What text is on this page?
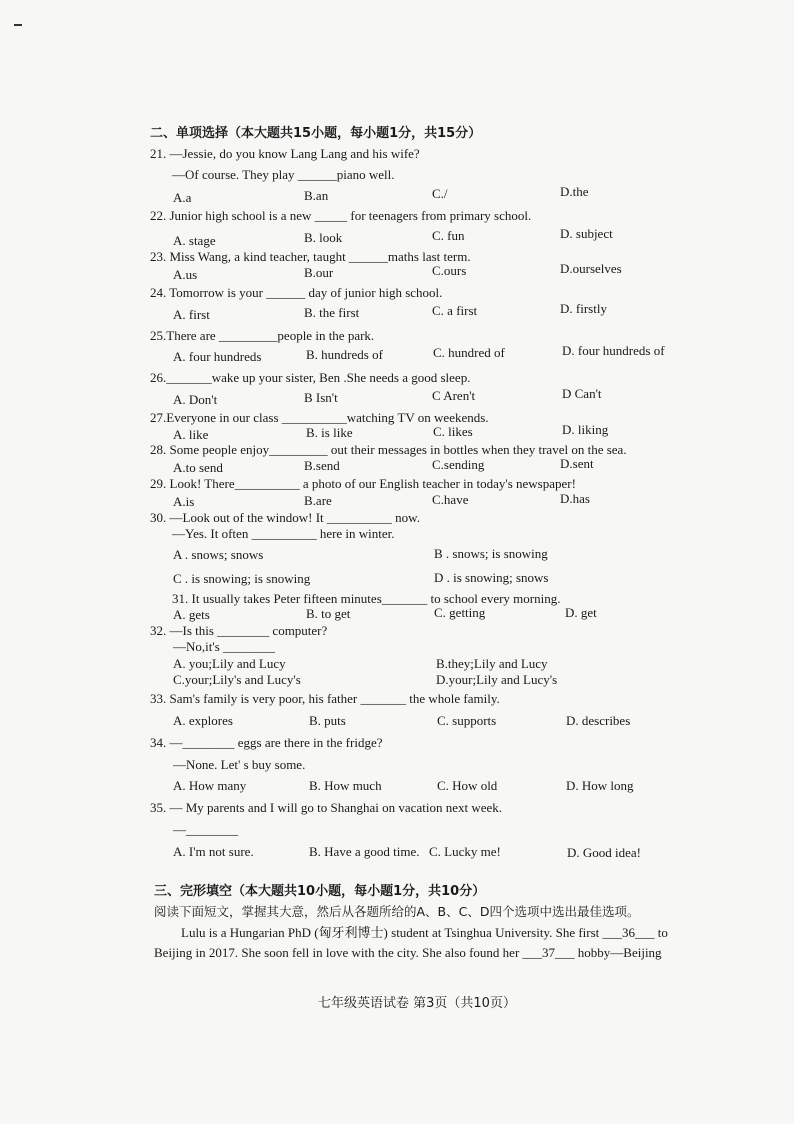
二、单项选择（本大题共15小题，每小题1分，共15分）
21. —Jessie, do you know Lang Lang and his wife?
—Of course. They play ______piano well.
A.a	B.an	C./	D.the
22. Junior high school is a new _____ for teenagers from primary school.
A. stage	B. look	C. fun	D. subject
23. Miss Wang, a kind teacher, taught ______maths last term.
A.us	B.our	C.ours	D.ourselves
24. Tomorrow is your ______ day of junior high school.
A. first	B. the first	C. a first	D. firstly
25.There are _________people in the park.
A. four hundreds	B. hundreds of	C. hundred of	D. four hundreds of
26._______wake up your sister, Ben .She needs a good sleep.
A. Don't	B Isn't	C Aren't	D Can't
27.Everyone in our class __________watching TV on weekends.
A. like	B. is like	C. likes	D. liking
28. Some people enjoy_________ out their messages in bottles when they travel on the sea.
A.to send	B.send	C.sending	D.sent
29. Look! There__________ a photo of our English teacher in today's newspaper!
A.is	B.are	C.have	D.has
30. —Look out of the window! It __________ now.
—Yes. It often __________ here in winter.
A . snows; snows	B . snows; is snowing
C . is snowing; is snowing	D . is snowing; snows
31. It usually takes Peter fifteen minutes_______ to school every morning.
A. gets	B. to get	C. getting	D. get
32. —Is this ________ computer?
—No,it's ________
A. you;Lily and Lucy	B.they;Lily and Lucy
C.your;Lily's and Lucy's	D.your;Lily and Lucy's
33. Sam's family is very poor, his father _______ the whole family.
A. explores	B. puts	C. supports	D. describes
34. —________ eggs are there in the fridge?
—None. Let' s buy some.
A. How many	B. How much	C. How old	D. How long
35. — My parents and I will go to Shanghai on vacation next week.
—________
A. I'm not sure.	B. Have a good time. C. Lucky me!	D. Good idea!
三、完形填空（本大题共10小题，每小题1分，共10分）
阅读下面短文，掌握其大意，然后从各题所给的A、B、C、D四个选项中选出最佳选项。
Lulu is a Hungarian PhD (匈牙利博士) student at Tsinghua University. She first ___36___ to
Beijing in 2017. She soon fell in love with the city. She also found her ___37___ hobby—Beijing
七年级英语试卷 第3页（共10页）
